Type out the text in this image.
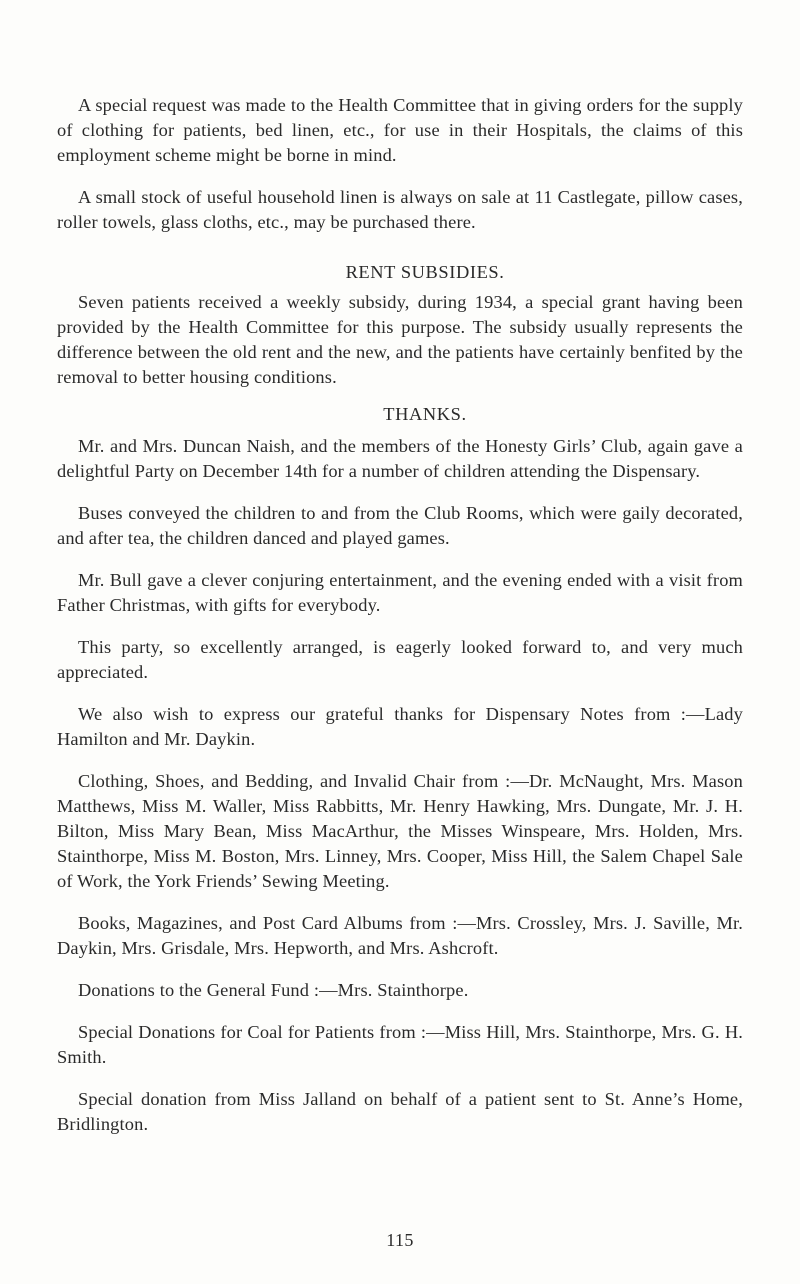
A special request was made to the Health Committee that in giving orders for the supply of clothing for patients, bed linen, etc., for use in their Hospitals, the claims of this employment scheme might be borne in mind.

A small stock of useful household linen is always on sale at 11 Castlegate, pillow cases, roller towels, glass cloths, etc., may be purchased there.

RENT SUBSIDIES.

Seven patients received a weekly subsidy, during 1934, a special grant having been provided by the Health Committee for this purpose. The subsidy usually represents the difference between the old rent and the new, and the patients have certainly benfited by the removal to better housing conditions.

THANKS.

Mr. and Mrs. Duncan Naish, and the members of the Honesty Girls’ Club, again gave a delightful Party on December 14th for a number of children attending the Dispensary.

Buses conveyed the children to and from the Club Rooms, which were gaily decorated, and after tea, the children danced and played games.

Mr. Bull gave a clever conjuring entertainment, and the evening ended with a visit from Father Christmas, with gifts for everybody.

This party, so excellently arranged, is eagerly looked forward to, and very much appreciated.

We also wish to express our grateful thanks for Dispensary Notes from :—Lady Hamilton and Mr. Daykin.

Clothing, Shoes, and Bedding, and Invalid Chair from :—Dr. McNaught, Mrs. Mason Matthews, Miss M. Waller, Miss Rabbitts, Mr. Henry Hawking, Mrs. Dungate, Mr. J. H. Bilton, Miss Mary Bean, Miss MacArthur, the Misses Winspeare, Mrs. Holden, Mrs. Stainthorpe, Miss M. Boston, Mrs. Linney, Mrs. Cooper, Miss Hill, the Salem Chapel Sale of Work, the York Friends’ Sewing Meeting.

Books, Magazines, and Post Card Albums from :—Mrs. Crossley, Mrs. J. Saville, Mr. Daykin, Mrs. Grisdale, Mrs. Hepworth, and Mrs. Ashcroft.

Donations to the General Fund :—Mrs. Stainthorpe.

Special Donations for Coal for Patients from :—Miss Hill, Mrs. Stainthorpe, Mrs. G. H. Smith.

Special donation from Miss Jalland on behalf of a patient sent to St. Anne’s Home, Bridlington.

115
